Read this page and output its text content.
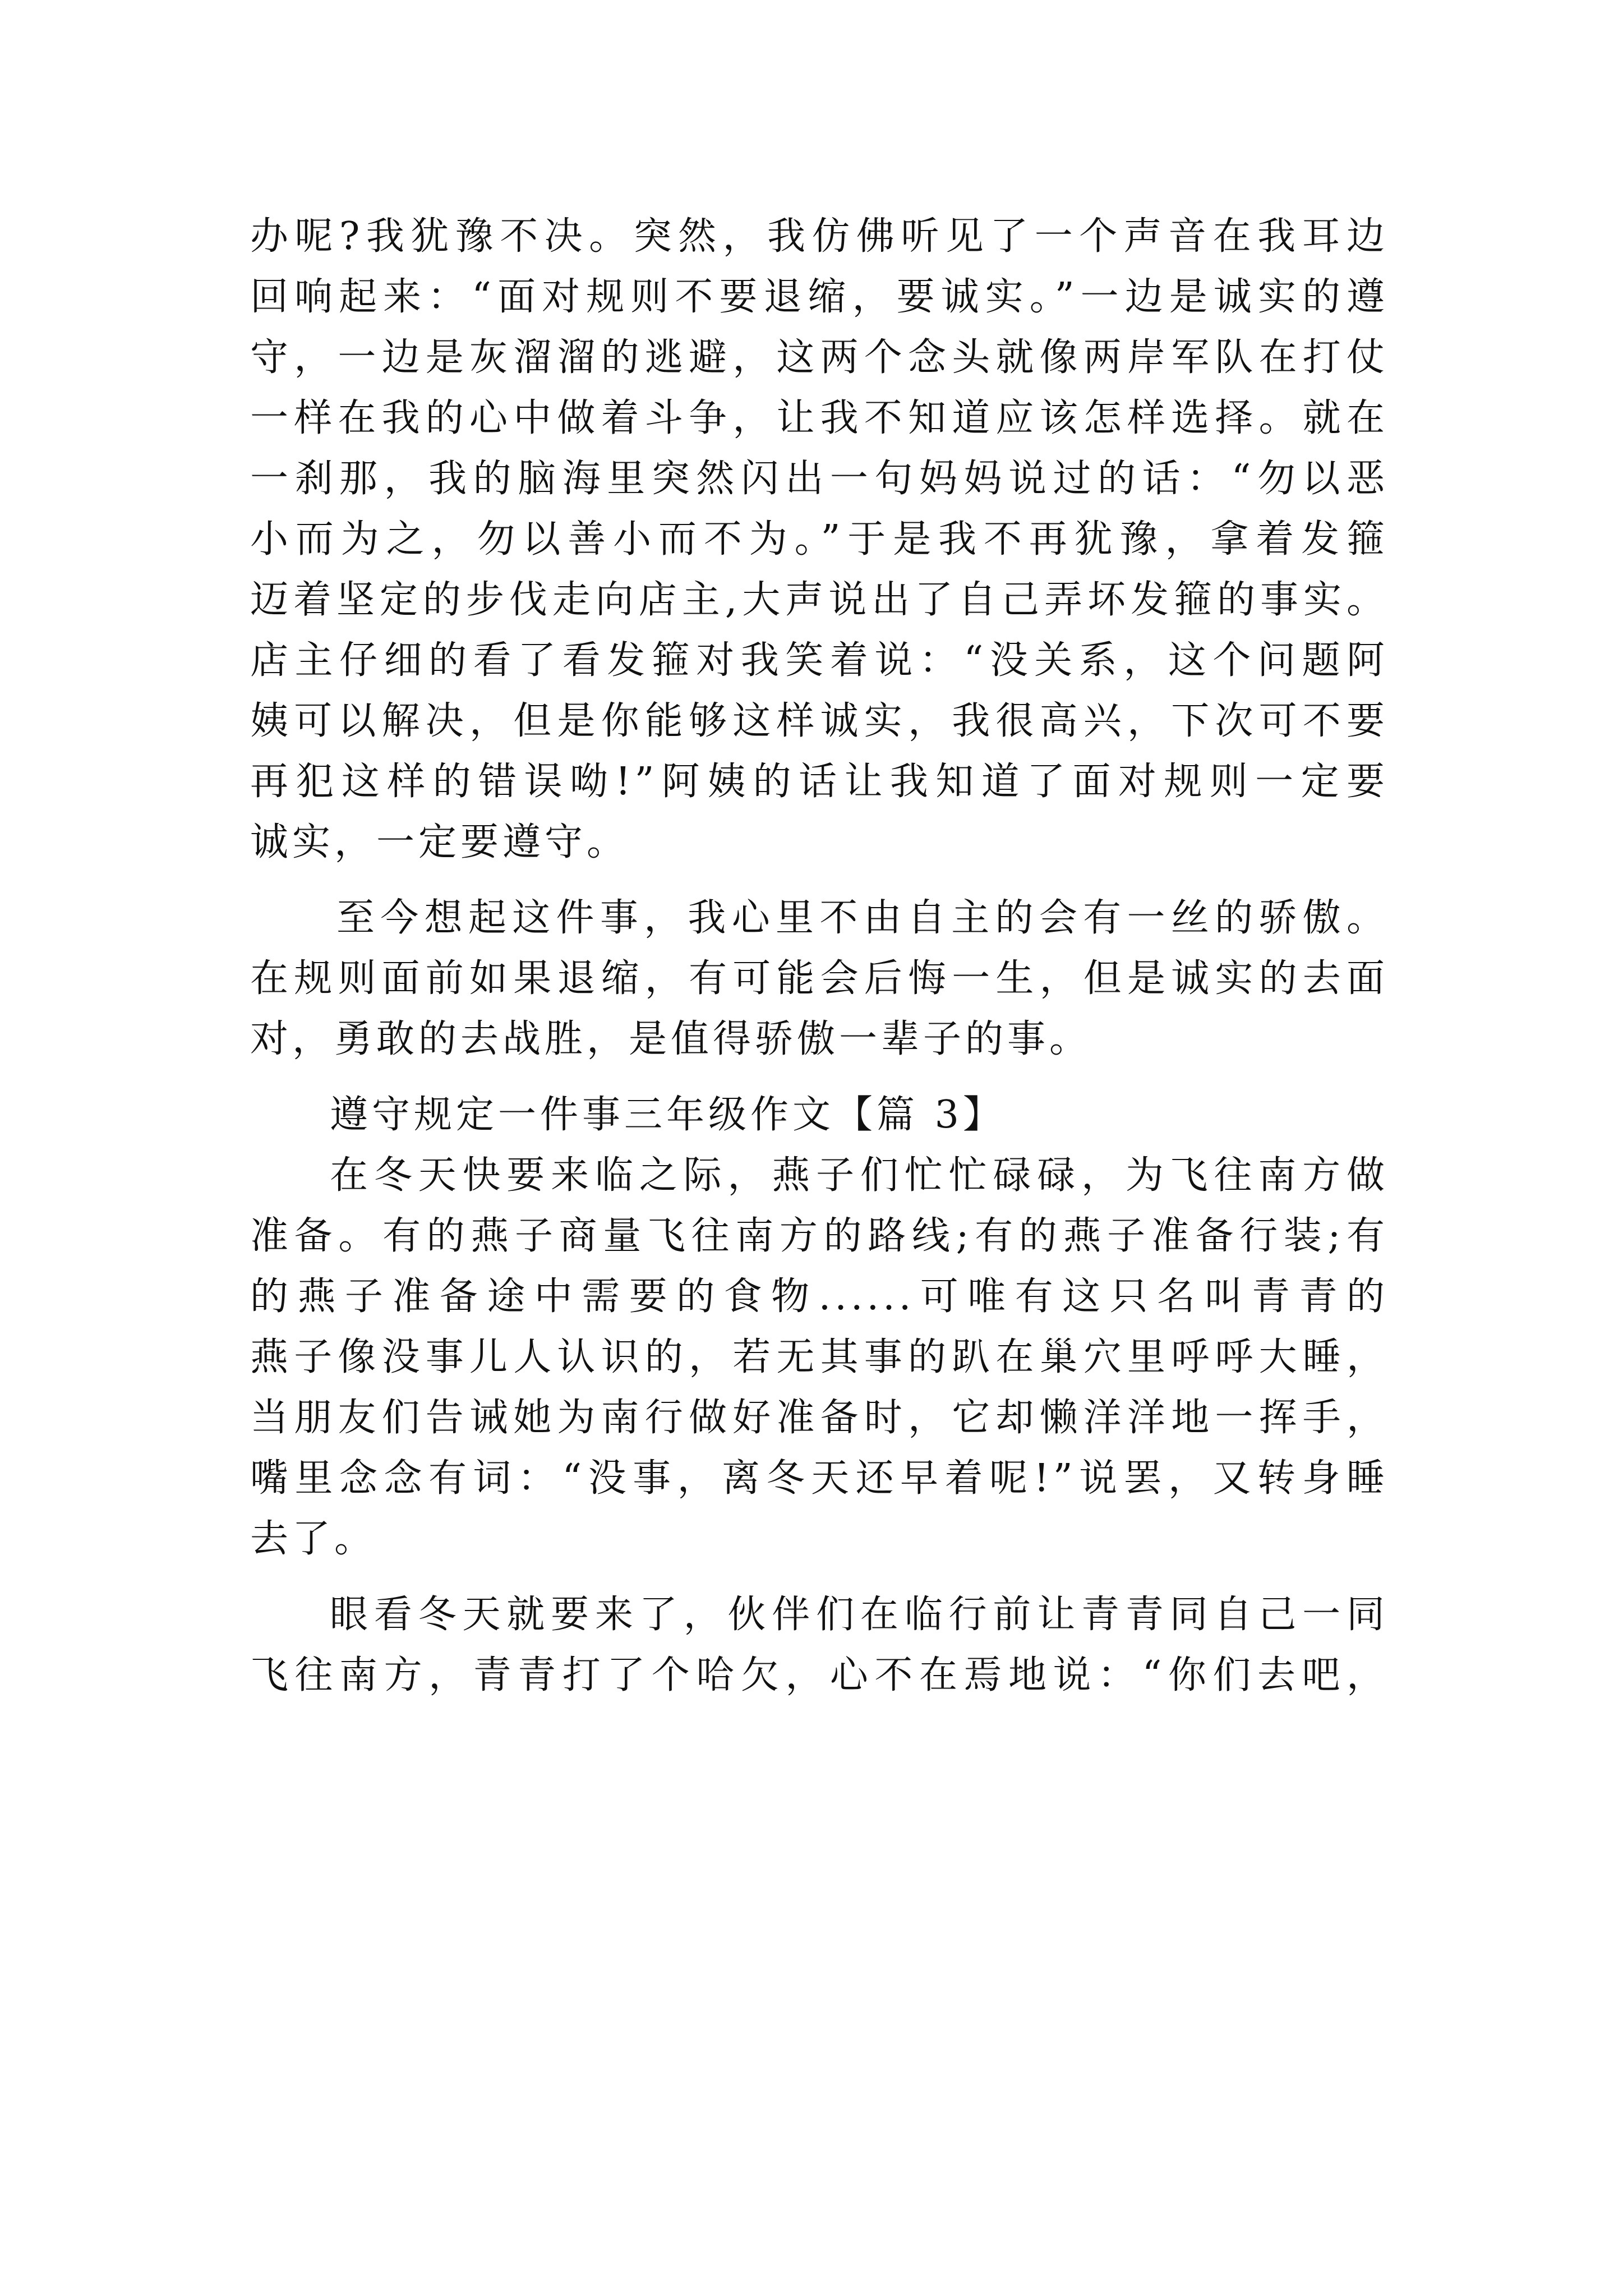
办呢?我犹豫不决。突然，我仿佛听见了一个声音在我耳边
回响起来：“面对规则不要退缩，要诚实。”一边是诚实的遵
守，一边是灰溜溜的逃避，这两个念头就像两岸军队在打仗
一样在我的心中做着斗争，让我不知道应该怎样选择。就在
一刹那，我的脑海里突然闪出一句妈妈说过的话：“勿以恶
小而为之，勿以善小而不为。”于是我不再犹豫，拿着发箍
迈着坚定的步伐走向店主,大声说出了自己弄坏发箍的事实。
店主仔细的看了看发箍对我笑着说：“没关系，这个问题阿
姨可以解决，但是你能够这样诚实，我很高兴，下次可不要
再犯这样的错误呦!”阿姨的话让我知道了面对规则一定要
诚实，一定要遵守。
至今想起这件事，我心里不由自主的会有一丝的骄傲。
在规则面前如果退缩，有可能会后悔一生，但是诚实的去面
对，勇敢的去战胜，是值得骄傲一辈子的事。
遵守规定一件事三年级作文【篇 3】
在冬天快要来临之际，燕子们忙忙碌碌，为飞往南方做
准备。有的燕子商量飞往南方的路线;有的燕子准备行装;有
的燕子准备途中需要的食物......可唯有这只名叫青青的
燕子像没事儿人认识的，若无其事的趴在巢穴里呼呼大睡，
当朋友们告诫她为南行做好准备时，它却懒洋洋地一挥手，
嘴里念念有词：“没事，离冬天还早着呢!”说罢，又转身睡
去了。
眼看冬天就要来了，伙伴们在临行前让青青同自己一同
飞往南方，青青打了个哈欠，心不在焉地说：“你们去吧，
